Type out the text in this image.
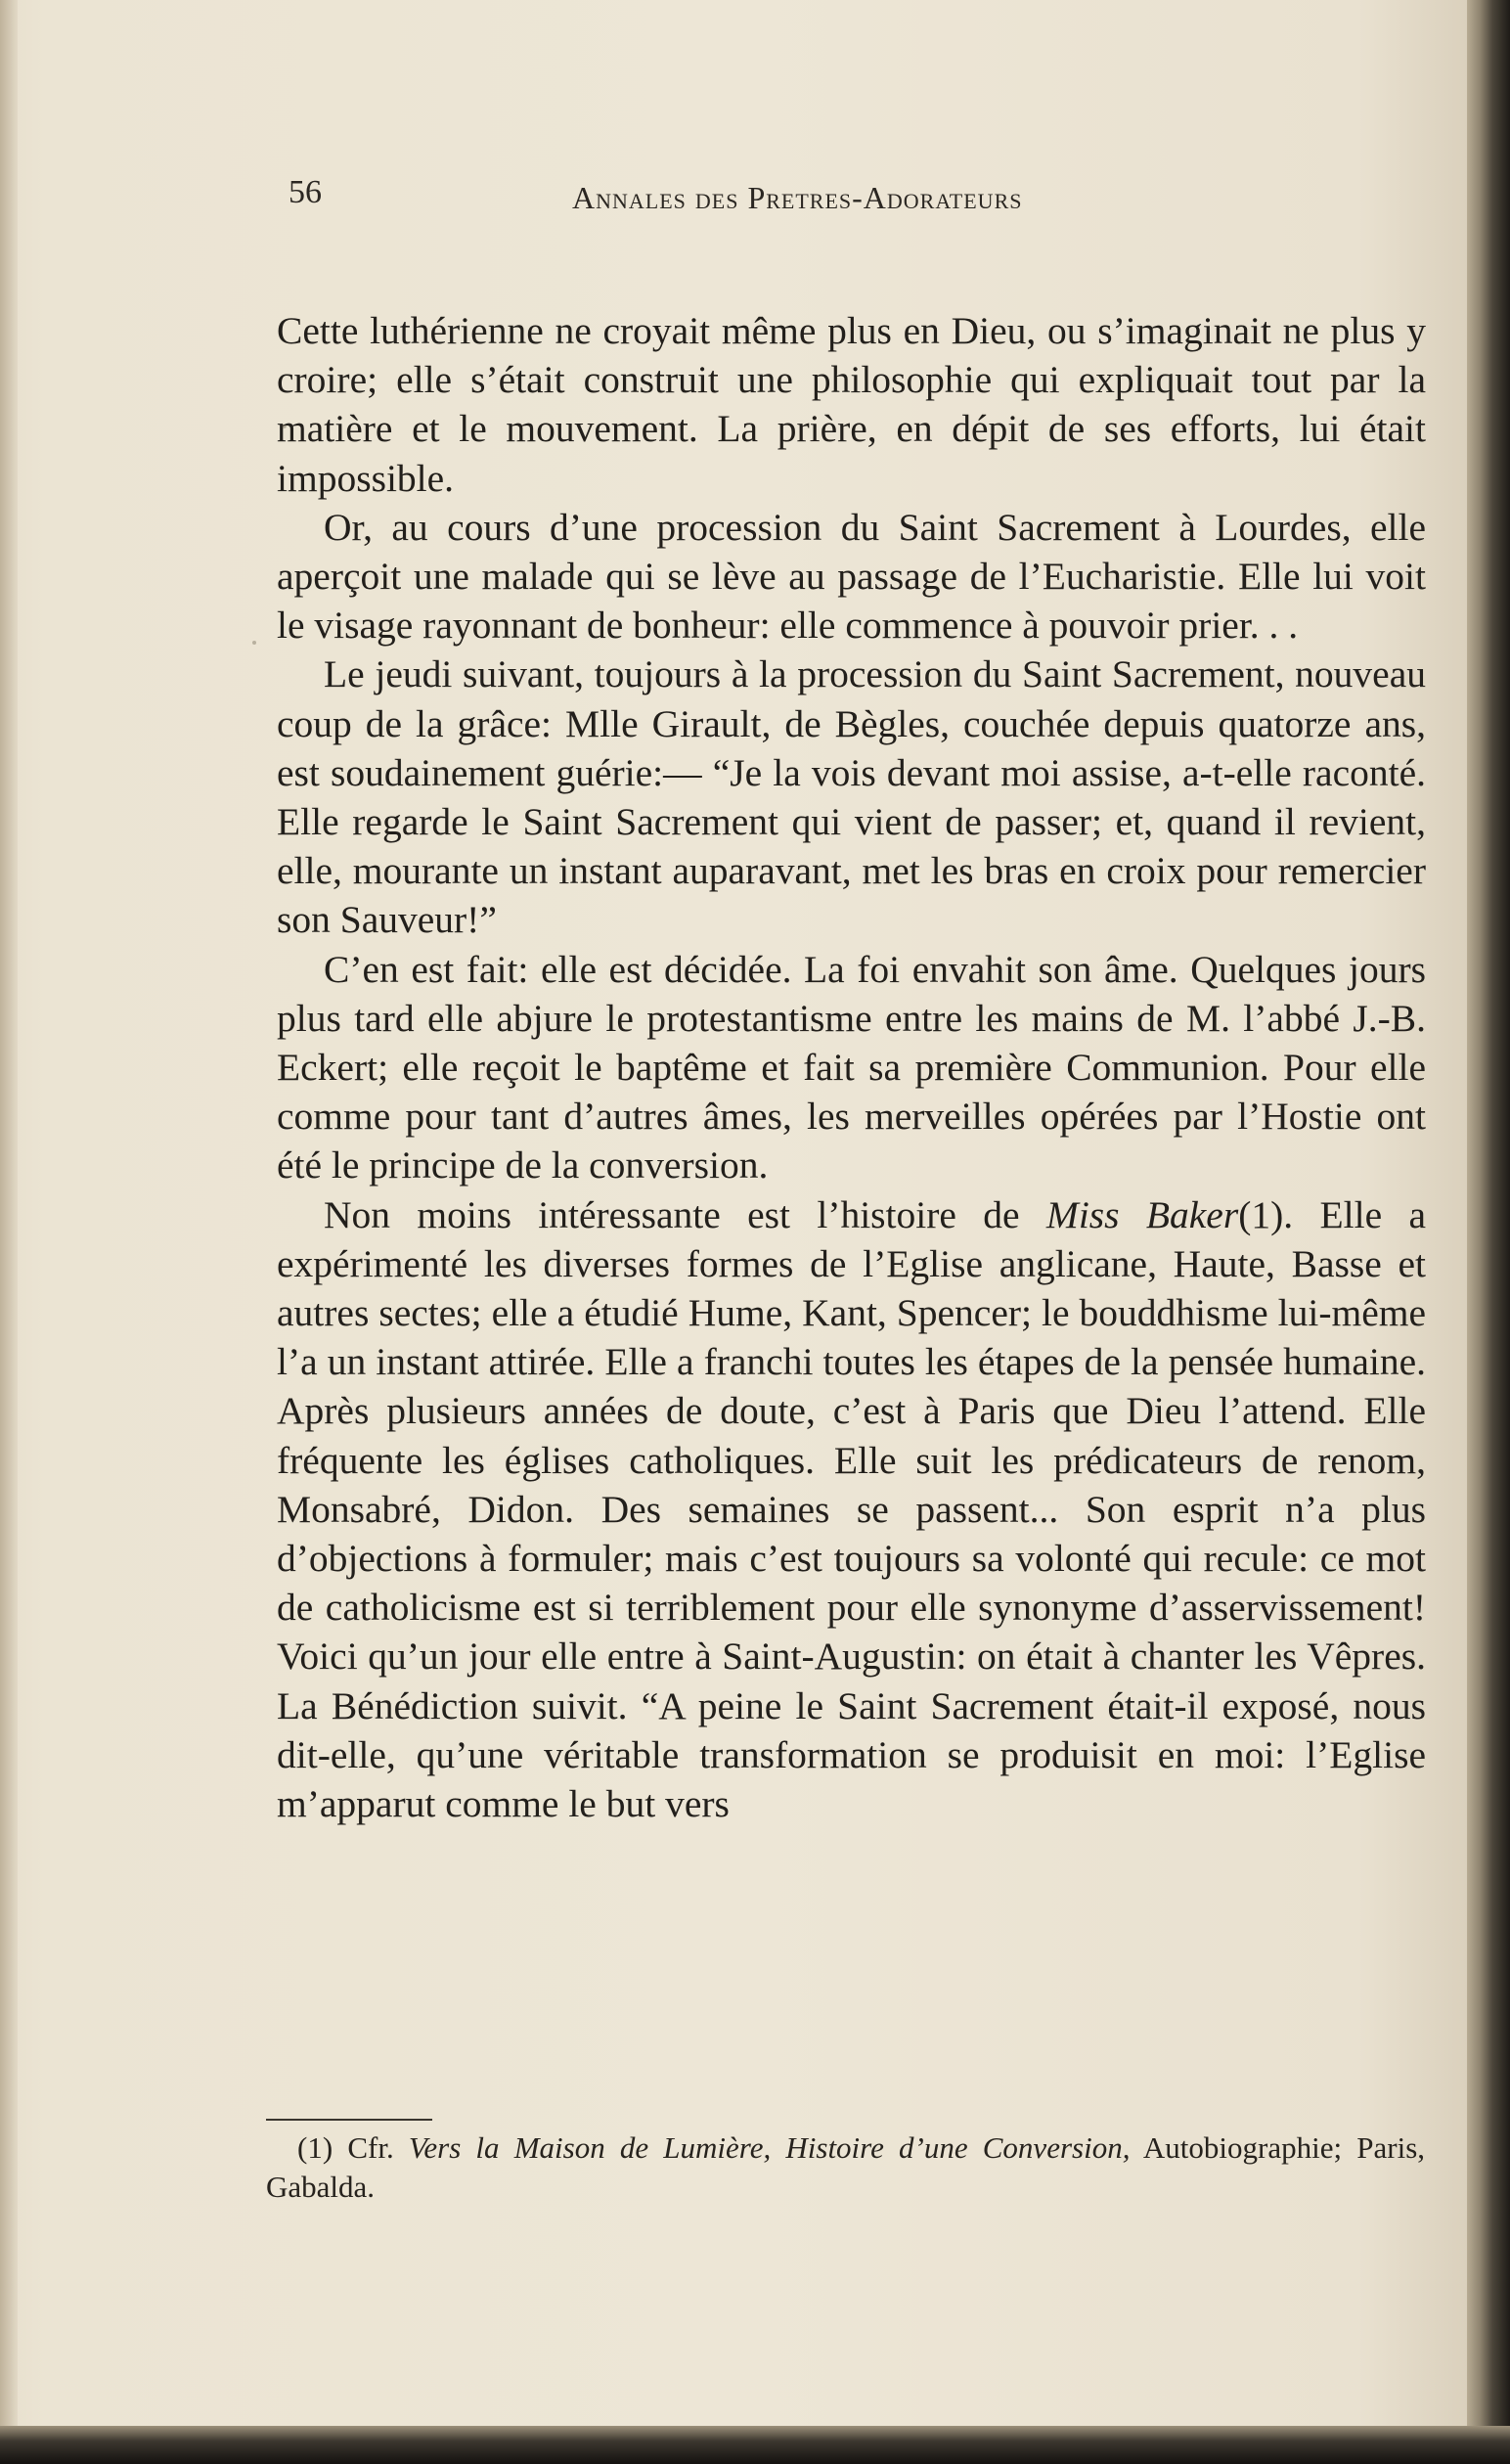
56	Annales des Pretres-Adorateurs

Cette luthérienne ne croyait même plus en Dieu, ou s’imaginait ne plus y croire; elle s’était construit une philosophie qui expliquait tout par la matière et le mouvement. La prière, en dépit de ses efforts, lui était impossible.

Or, au cours d’une procession du Saint Sacrement à Lourdes, elle aperçoit une malade qui se lève au passage de l’Eucharistie. Elle lui voit le visage rayonnant de bonheur: elle commence à pouvoir prier. . .

Le jeudi suivant, toujours à la procession du Saint Sacrement, nouveau coup de la grâce: Mlle Girault, de Bègles, couchée depuis quatorze ans, est soudainement guérie:— “Je la vois devant moi assise, a-t-elle raconté. Elle regarde le Saint Sacrement qui vient de passer; et, quand il revient, elle, mourante un instant auparavant, met les bras en croix pour remercier son Sauveur!”

C’en est fait: elle est décidée. La foi envahit son âme. Quelques jours plus tard elle abjure le protestantisme entre les mains de M. l’abbé J.-B. Eckert; elle reçoit le baptême et fait sa première Communion. Pour elle comme pour tant d’autres âmes, les merveilles opérées par l’Hostie ont été le principe de la conversion.

Non moins intéressante est l’histoire de Miss Baker(1). Elle a expérimenté les diverses formes de l’Eglise anglicane, Haute, Basse et autres sectes; elle a étudié Hume, Kant, Spencer; le bouddhisme lui-même l’a un instant attirée. Elle a franchi toutes les étapes de la pensée humaine. Après plusieurs années de doute, c’est à Paris que Dieu l’attend. Elle fréquente les églises catholiques. Elle suit les prédicateurs de renom, Monsabré, Didon. Des semaines se passent... Son esprit n’a plus d’objections à formuler; mais c’est toujours sa volonté qui recule: ce mot de catholicisme est si terriblement pour elle synonyme d’asservissement! Voici qu’un jour elle entre à Saint-Augustin: on était à chanter les Vêpres. La Bénédiction suivit. “A peine le Saint Sacrement était-il exposé, nous dit-elle, qu’une véritable transformation se produisit en moi: l’Eglise m’apparut comme le but vers

(1) Cfr. Vers la Maison de Lumière, Histoire d’une Conversion, Autobiographie; Paris, Gabalda.
